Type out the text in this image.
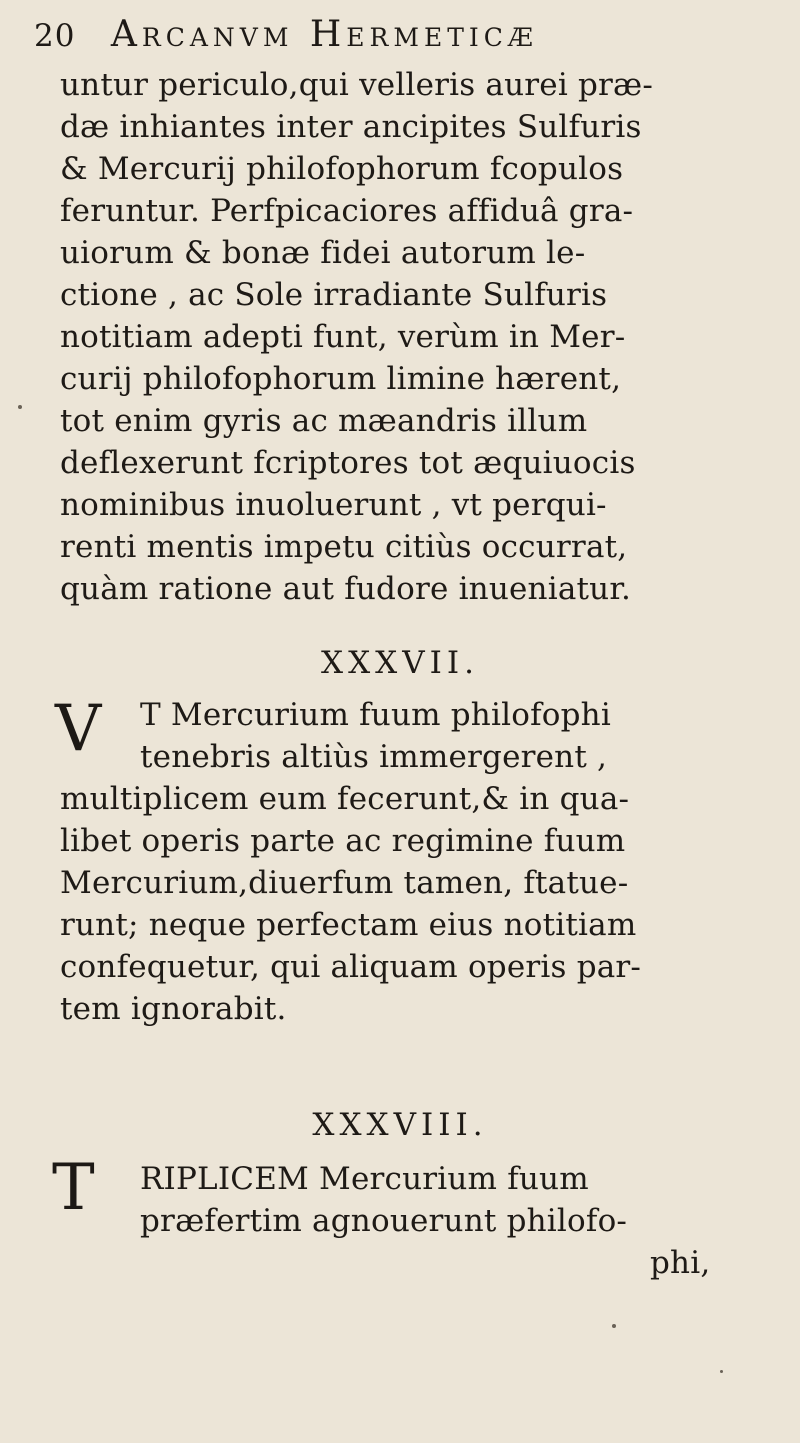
20 Arcanvm Hermeticæ
untur periculo,qui velleris aurei præ-
dæ inhiantes inter ancipites Sulfuris
& Mercurij philofophorum fcopulos
feruntur. Perfpicaciores affiduâ gra-
uiorum & bonæ fidei autorum le-
ctione , ac Sole irradiante Sulfuris
notitiam adepti funt, verùm in Mer-
curij philofophorum limine hærent,
tot enim gyris ac mæandris illum
deflexerunt fcriptores tot æquiuocis
nominibus inuoluerunt , vt perqui-
renti mentis impetu citiùs occurrat,
quàm ratione aut fudore inueniatur.
XXXVII.
V T Mercurium fuum philofophi
tenebris altiùs immergerent ,
multiplicem eum fecerunt,& in qua-
libet operis parte ac regimine fuum
Mercurium,diuerfum tamen, ftatue-
runt; neque perfectam eius notitiam
confequetur, qui aliquam operis par-
tem ignorabit.
XXXVIII.
T RIPLICEM Mercurium fuum
præfertim agnouerunt philofo-
phi,
